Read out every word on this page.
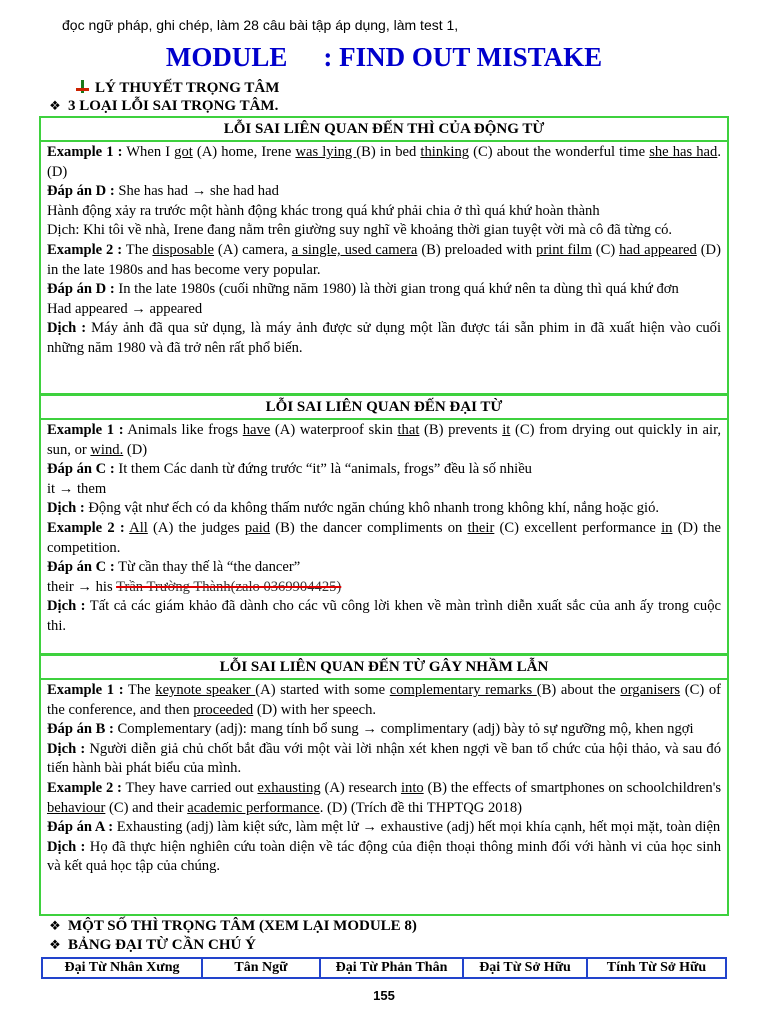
đọc ngữ pháp, ghi chép, làm 28 câu bài tập áp dụng, làm test 1,
MODULE : FIND OUT MISTAKE
LÝ THUYẾT TRỌNG TÂM
❖ 3 LOẠI LỖI SAI TRỌNG TÂM.
LỖI SAI LIÊN QUAN ĐẾN THÌ CỦA ĐỘNG TỪ

Example 1 : When I got (A) home, Irene was lying (B) in bed thinking (C) about the wonderful time she has had. (D)

Đáp án D : She has had → she had had

Hành động xảy ra trước một hành động khác trong quá khứ phải chia ở thì quá khứ hoàn thành

Dịch: Khi tôi về nhà, Irene đang nằm trên giường suy nghĩ về khoảng thời gian tuyệt vời mà cô đã từng có.

Example 2 : The disposable (A) camera, a single, used camera (B) preloaded with print film (C) had appeared (D) in the late 1980s and has become very popular.

Đáp án D : In the late 1980s (cuối những năm 1980) là thời gian trong quá khứ nên ta dùng thì quá khứ đơn

Had appeared → appeared

Dịch : Máy ảnh đã qua sử dụng, là máy ảnh được sử dụng một lần được tái sẵn phim in đã xuất hiện vào cuối những năm 1980 và đã trở nên rất phổ biến.

LỖI SAI LIÊN QUAN ĐẾN ĐẠI TỪ

Example 1 : Animals like frogs have (A) waterproof skin that (B) prevents it (C) from drying out quickly in air, sun, or wind. (D)

Đáp án C : It them Các danh từ đứng trước “it” là “animals, frogs” đều là số nhiều

it → them

Dịch : Động vật như ếch có da không thấm nước ngăn chúng khô nhanh trong không khí, nắng hoặc gió.

Example 2 : All (A) the judges paid (B) the dancer compliments on their (C) excellent performance in (D) the competition.

Đáp án C : Từ cần thay thế là “the dancer”

their → his Trần Trường Thành(zalo 0369904425)

Dịch : Tất cả các giám khảo đã dành cho các vũ công lời khen về màn trình diễn xuất sắc của anh ấy trong cuộc thi.

LỖI SAI LIÊN QUAN ĐẾN TỪ GÂY NHẦM LẪN

Example 1 : The keynote speaker (A) started with some complementary remarks (B) about the organisers (C) of the conference, and then proceeded (D) with her speech.

Đáp án B : Complementary (adj): mang tính bổ sung → complimentary (adj) bày tỏ sự ngưỡng mộ, khen ngợi

Dịch : Người diễn giả chủ chốt bắt đầu với một vài lời nhận xét khen ngợi về ban tổ chức của hội thảo, và sau đó tiến hành bài phát biểu của mình.

Example 2 : They have carried out exhausting (A) research into (B) the effects of smartphones on schoolchildren's behaviour (C) and their academic performance. (D) (Trích đề thi THPTQG 2018)

Đáp án A : Exhausting (adj) làm kiệt sức, làm mệt lử → exhaustive (adj) hết mọi khía cạnh, hết mọi mặt, toàn diện

Dịch : Họ đã thực hiện nghiên cứu toàn diện về tác động của điện thoại thông minh đối với hành vi của học sinh và kết quả học tập của chúng.

❖ MỘT SỐ THÌ TRỌNG TÂM (XEM LẠI MODULE 8)
❖ BẢNG ĐẠI TỪ CẦN CHÚ Ý
Đại Từ Nhân Xưng	Tân Ngữ	Đại Từ Phản Thân	Đại Từ Sở Hữu	Tính Từ Sở Hữu
155
